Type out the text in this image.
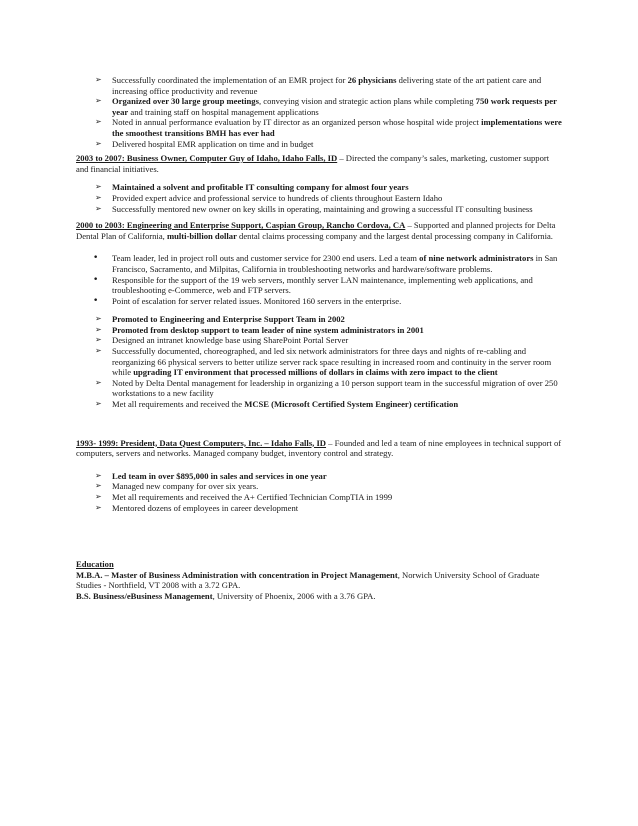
➢ Successfully coordinated the implementation of an EMR project for 26 physicians delivering state of the art patient care and increasing office productivity and revenue
➢ Organized over 30 large group meetings, conveying vision and strategic action plans while completing 750 work requests per year and training staff on hospital management applications
➢ Noted in annual performance evaluation by IT director as an organized person whose hospital wide project implementations were the smoothest transitions BMH has ever had
➢ Delivered hospital EMR application on time and in budget
2003 to 2007: Business Owner, Computer Guy of Idaho, Idaho Falls, ID – Directed the company’s sales, marketing, customer support and financial initiatives.
➢ Maintained a solvent and profitable IT consulting company for almost four years
➢ Provided expert advice and professional service to hundreds of clients throughout Eastern Idaho
➢ Successfully mentored new owner on key skills in operating, maintaining and growing a successful IT consulting business
2000 to 2003: Engineering and Enterprise Support, Caspian Group, Rancho Cordova, CA – Supported and planned projects for Delta Dental Plan of California, multi-billion dollar dental claims processing company and the largest dental processing company in California.
• Team leader, led in project roll outs and customer service for 2300 end users. Led a team of nine network administrators in San Francisco, Sacramento, and Milpitas, California in troubleshooting networks and hardware/software problems.
• Responsible for the support of the 19 web servers, monthly server LAN maintenance, implementing web applications, and troubleshooting e-Commerce, web and FTP servers.
• Point of escalation for server related issues. Monitored 160 servers in the enterprise.
➢ Promoted to Engineering and Enterprise Support Team in 2002
➢ Promoted from desktop support to team leader of nine system administrators in 2001
➢ Designed an intranet knowledge base using SharePoint Portal Server
➢ Successfully documented, choreographed, and led six network administrators for three days and nights of re-cabling and reorganizing 66 physical servers to better utilize server rack space resulting in increased room and continuity in the server room while upgrading IT environment that processed millions of dollars in claims with zero impact to the client
➢ Noted by Delta Dental management for leadership in organizing a 10 person support team in the successful migration of over 250 workstations to a new facility
➢ Met all requirements and received the MCSE (Microsoft Certified System Engineer) certification
1993- 1999: President, Data Quest Computers, Inc. – Idaho Falls, ID – Founded and led a team of nine employees in technical support of computers, servers and networks. Managed company budget, inventory control and strategy.
➢ Led team in over $895,000 in sales and services in one year
➢ Managed new company for over six years.
➢ Met all requirements and received the A+ Certified Technician CompTIA in 1999
➢ Mentored dozens of employees in career development
Education
M.B.A. – Master of Business Administration with concentration in Project Management, Norwich University School of Graduate Studies - Northfield, VT 2008 with a 3.72 GPA.
B.S. Business/eBusiness Management, University of Phoenix, 2006 with a 3.76 GPA.
